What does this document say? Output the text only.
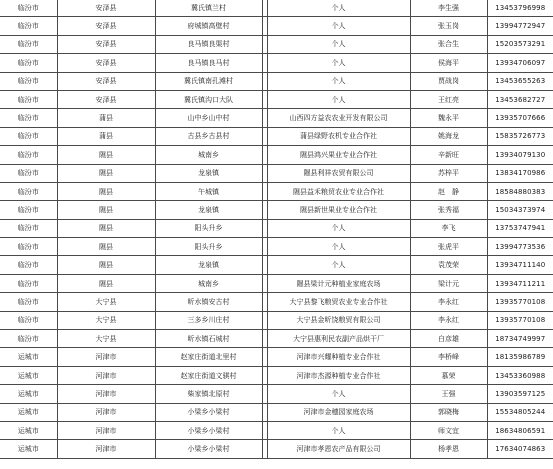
临汾市	安泽县	冀氏镇兰村		个人	李生强	13453796998
临汾市	安泽县	府城镇高壁村		个人	张玉岗	13994772947
临汾市	安泽县	良马镇良渠村		个人	张合生	15203573291
临汾市	安泽县	良马镇良马村		个人	侯海平	13934706097
临汾市	安泽县	冀氏镇南孔滩村		个人	贾战岗	13453655263
临汾市	安泽县	冀氏镇沟口大队		个人	王红亮	13453682727
临汾市	蒲县	山中乡山中村		山西四方益农农业开发有限公司	魏永平	13935707666
临汾市	蒲县	古县乡古县村		蒲县绿野农机专业合作社	姚海龙	15835726773
临汾市	隰县	城南乡		隰县鸿兴果业专业合作社	辛新旺	13934079130
临汾市	隰县	龙泉镇		隰县利祥农贸有限公司	苏梓平	13834170986
临汾市	隰县	午城镇		隰县益禾粮贸农业专业合作社	赵　静	18584880383
临汾市	隰县	龙泉镇		隰县新世果业专业合作社	张秀福	15034373974
临汾市	隰县	阳头升乡		个人	李飞	13753747941
临汾市	隰县	阳头升乡		个人	张虎平	13994773536
临汾市	隰县	龙泉镇		个人	袁茂荣	13934711140
临汾市	隰县	城南乡		隰县梁计元种植业家庭农场	梁计元	13934711211
临汾市	大宁县	昕水镇安古村		大宁县黎飞粮贸农业专业合作社	李永红	13935770108
临汾市	大宁县	三多乡川庄村		大宁县金昕饶粮贸有限公司	李永红	13935770108
临汾市	大宁县	昕水镇石城村		大宁县惠利民农副产品烘干厂	白彦雄	18734749997
运城市	河津市	赵家庄街道北里村		河津市兴耀种植专业合作社	李桥峰	18135986789
运城市	河津市	赵家庄街道文骐村		河津市杰源种植专业合作社	慕荣	13453360988
运城市	河津市	柴家镇北原村		个人	王强	13903597125
运城市	河津市	小梁乡小梁村		河津市金穗园家庭农场	郭晓梅	15534805244
运城市	河津市	小梁乡小梁村		个人	师文宜	18634806591
运城市	河津市	小梁乡小梁村		河津市孝恩农产品有限公司	杨孝恩	17634074863
